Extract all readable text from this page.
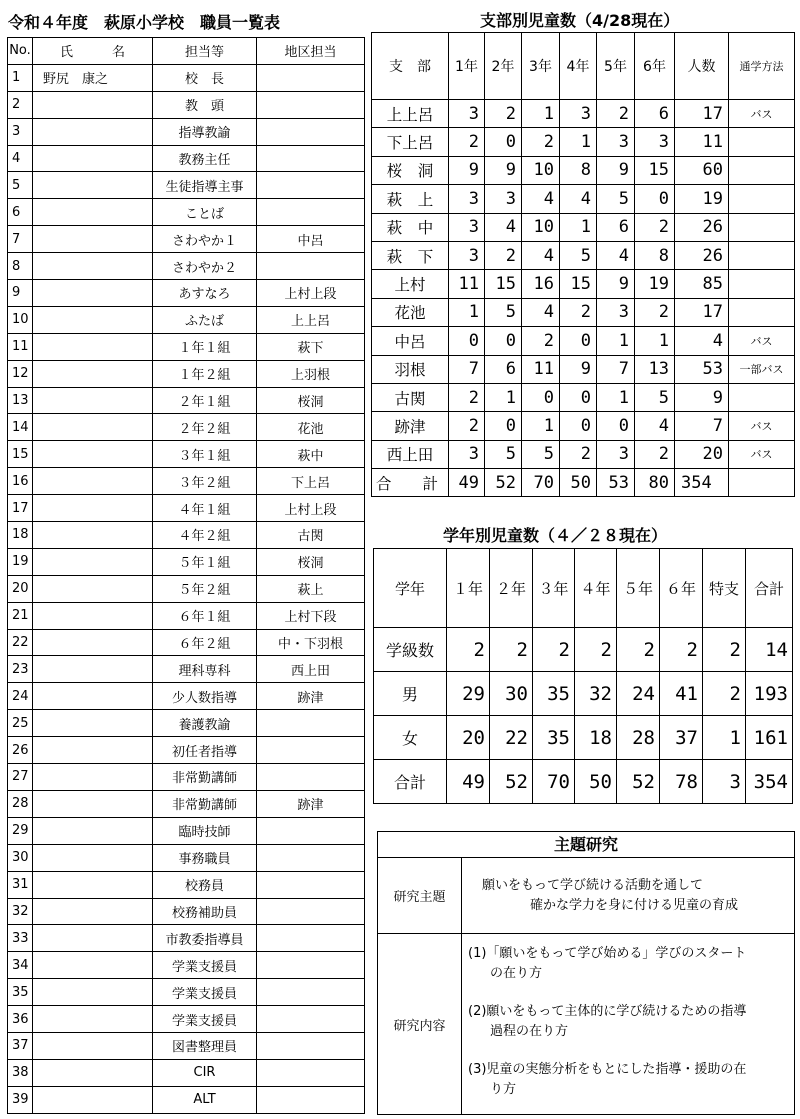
令和４年度　萩原小学校　職員一覧表
No.	氏　　　名	担当等	地区担当
1	野尻　康之	校　長	
2		教　頭	
3		指導教諭	
4		教務主任	
5		生徒指導主事	
6		ことば	
7		さわやか１	中呂
8		さわやか２	
9		あすなろ	上村上段
10		ふたば	上上呂
11		１年１組	萩下
12		１年２組	上羽根
13		２年１組	桜洞
14		２年２組	花池
15		３年１組	萩中
16		３年２組	下上呂
17		４年１組	上村上段
18		４年２組	古関
19		５年１組	桜洞
20		５年２組	萩上
21		６年１組	上村下段
22		６年２組	中・下羽根
23		理科専科	西上田
24		少人数指導	跡津
25		養護教諭	
26		初任者指導	
27		非常勤講師	
28		非常勤講師	跡津
29		臨時技師	
30		事務職員	
31		校務員	
32		校務補助員	
33		市教委指導員	
34		学業支援員	
35		学業支援員	
36		学業支援員	
37		図書整理員	
38		CIR	
39		ALT	
支部別児童数（4/28現在）
支　部	1年	2年	3年	4年	5年	6年	人数	通学方法
上上呂	3	2	1	3	2	6	17	バス
下上呂	2	0	2	1	3	3	11	
桜　洞	9	9	10	8	9	15	60	
萩　上	3	3	4	4	5	0	19	
萩　中	3	4	10	1	6	2	26	
萩　下	3	2	4	5	4	8	26	
上村	11	15	16	15	9	19	85	
花池	1	5	4	2	3	2	17	
中呂	0	0	2	0	1	1	4	バス
羽根	7	6	11	9	7	13	53	一部バス
古関	2	1	0	0	1	5	9	
跡津	2	0	1	0	0	4	7	バス
西上田	3	5	5	2	3	2	20	バス
合　　計	49	52	70	50	53	80	354	
学年別児童数（４／２８現在）
学年	１年	２年	３年	４年	５年	６年	特支	合計
学級数	2	2	2	2	2	2	2	14
男	29	30	35	32	24	41	2	193
女	20	22	35	18	28	37	1	161
合計	49	52	70	50	52	78	3	354
主題研究
研究主題
願いをもって学び続ける活動を通して
確かな学力を身に付ける児童の育成
研究内容
(1)「願いをもって学び始める」学びのスタート
の在り方
(2)願いをもって主体的に学び続けるための指導
過程の在り方
(3)児童の実態分析をもとにした指導・援助の在
り方
